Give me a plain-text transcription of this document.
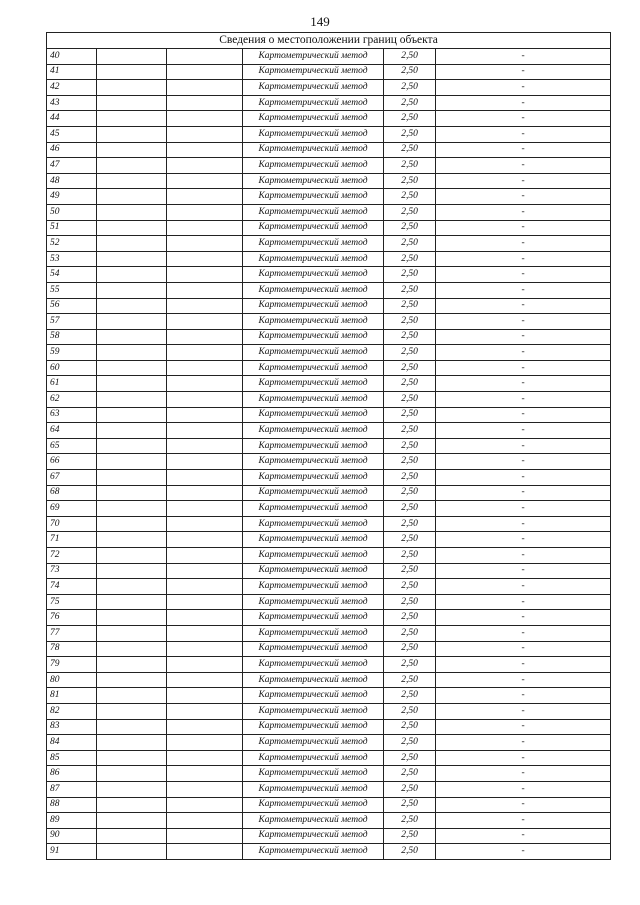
149
Сведения о местоположении границ объекта					
40			Картометрический метод	2,50	-
41			Картометрический метод	2,50	-
42			Картометрический метод	2,50	-
43			Картометрический метод	2,50	-
44			Картометрический метод	2,50	-
45			Картометрический метод	2,50	-
46			Картометрический метод	2,50	-
47			Картометрический метод	2,50	-
48			Картометрический метод	2,50	-
49			Картометрический метод	2,50	-
50			Картометрический метод	2,50	-
51			Картометрический метод	2,50	-
52			Картометрический метод	2,50	-
53			Картометрический метод	2,50	-
54			Картометрический метод	2,50	-
55			Картометрический метод	2,50	-
56			Картометрический метод	2,50	-
57			Картометрический метод	2,50	-
58			Картометрический метод	2,50	-
59			Картометрический метод	2,50	-
60			Картометрический метод	2,50	-
61			Картометрический метод	2,50	-
62			Картометрический метод	2,50	-
63			Картометрический метод	2,50	-
64			Картометрический метод	2,50	-
65			Картометрический метод	2,50	-
66			Картометрический метод	2,50	-
67			Картометрический метод	2,50	-
68			Картометрический метод	2,50	-
69			Картометрический метод	2,50	-
70			Картометрический метод	2,50	-
71			Картометрический метод	2,50	-
72			Картометрический метод	2,50	-
73			Картометрический метод	2,50	-
74			Картометрический метод	2,50	-
75			Картометрический метод	2,50	-
76			Картометрический метод	2,50	-
77			Картометрический метод	2,50	-
78			Картометрический метод	2,50	-
79			Картометрический метод	2,50	-
80			Картометрический метод	2,50	-
81			Картометрический метод	2,50	-
82			Картометрический метод	2,50	-
83			Картометрический метод	2,50	-
84			Картометрический метод	2,50	-
85			Картометрический метод	2,50	-
86			Картометрический метод	2,50	-
87			Картометрический метод	2,50	-
88			Картометрический метод	2,50	-
89			Картометрический метод	2,50	-
90			Картометрический метод	2,50	-
91			Картометрический метод	2,50	-
